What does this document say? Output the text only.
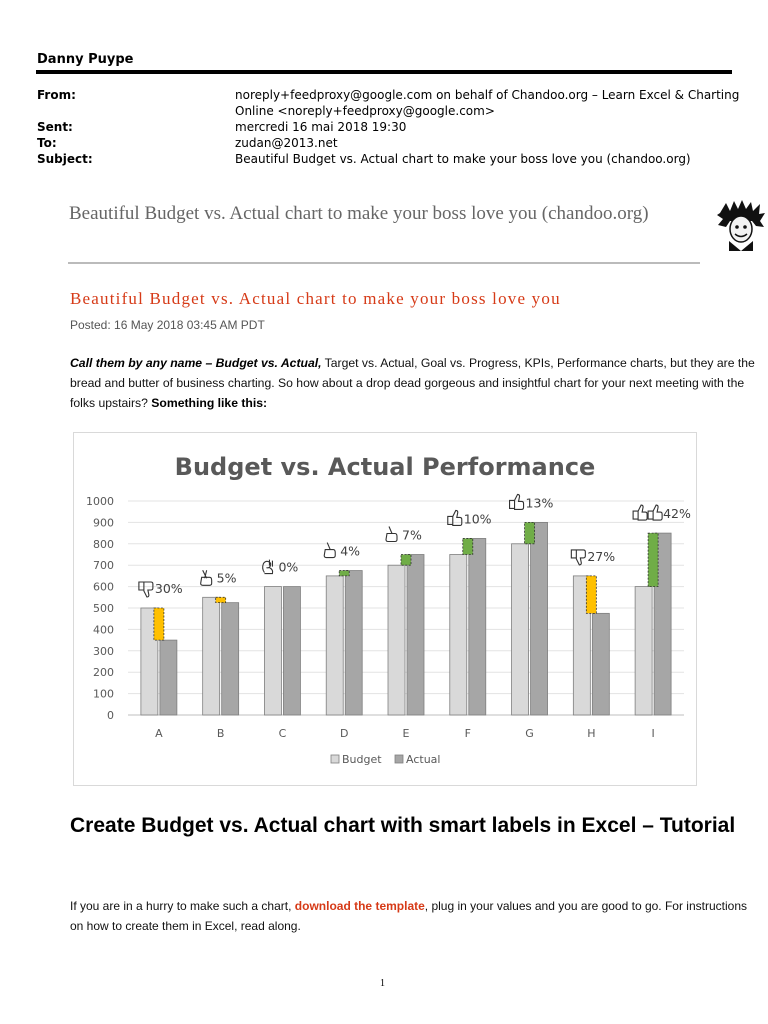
Danny Puype
From:	noreply+feedproxy@google.com on behalf of Chandoo.org – Learn Excel & Charting
Online <noreply+feedproxy@google.com>
Sent:	mercredi 16 mai 2018 19:30
To:	zudan@2013.net
Subject:	Beautiful Budget vs. Actual chart to make your boss love you (chandoo.org)
Beautiful Budget vs. Actual chart to make your boss love you (chandoo.org)
Beautiful Budget vs. Actual chart to make your boss love you
Posted: 16 May 2018 03:45 AM PDT
Call them by any name – Budget vs. Actual, Target vs. Actual, Goal vs. Progress, KPIs, Performance charts, but they are the bread and butter of business charting. So how about a drop dead gorgeous and insightful chart for your next meeting with the folks upstairs? Something like this:
Budget vs. Actual Performance
0
100
200
300
400
500
600
700
800
900
1000
30%
A
5%
B
0%
C
4%
D
7%
E
10%
F
13%
G
27%
H
42%
I
Budget Actual
Create Budget vs. Actual chart with smart labels in Excel – Tutorial
If you are in a hurry to make such a chart, download the template, plug in your values and you are good to go. For instructions on how to create them in Excel, read along.
1
